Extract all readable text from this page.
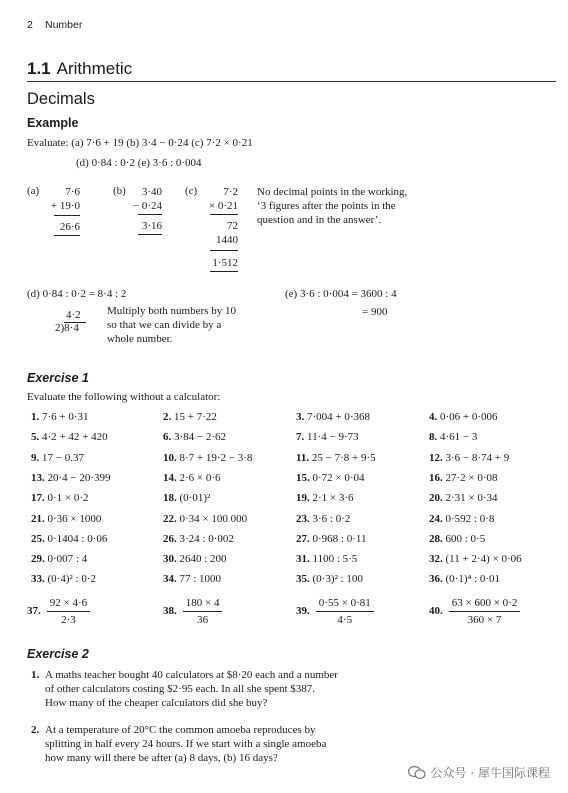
2 Number
1.1 Arithmetic
Decimals
Example
Evaluate: (a) 7·6 + 19 (b) 3·4 − 0·24 (c) 7·2 × 0·21
(d) 0·84 : 0·2 (e) 3·6 : 0·004
(a)	7·6
+ 19·0
26·6
(b)	3·40
− 0·24
3·16
(c)	7·2
× 0·21
72
1440
1·512
No decimal points in the working,
‘3 figures after the points in the
question and in the answer’.
(d) 0·84 : 0·2 = 8·4 : 2
4·2
2)8·4
Multiply both numbers by 10
so that we can divide by a
whole number.
(e) 3·6 : 0·004 = 3600 : 4
= 900
Exercise 1
Evaluate the following without a calculator:
1. 7·6 + 0·31	2. 15 + 7·22	3. 7·004 + 0·368	4. 0·06 + 0·006
5. 4·2 + 42 + 420	6. 3·84 − 2·62	7. 11·4 − 9·73	8. 4·61 − 3
9. 17 − 0.37	10. 8·7 + 19·2 − 3·8	11. 25 − 7·8 + 9·5	12. 3·6 − 8·74 + 9
13. 20·4 − 20·399	14. 2·6 × 0·6	15. 0·72 × 0·04	16. 27·2 × 0·08
17. 0·1 × 0·2	18. (0·01)²	19. 2·1 × 3·6	20. 2·31 × 0·34
21. 0·36 × 1000	22. 0·34 × 100 000	23. 3·6 : 0·2	24. 0·592 : 0·8
25. 0·1404 : 0·06	26. 3·24 : 0·002	27. 0·968 : 0·11	28. 600 : 0·5
29. 0·007 : 4	30. 2640 : 200	31. 1100 : 5·5	32. (11 + 2·4) × 0·06
33. (0·4)² : 0·2	34. 77 : 1000	35. (0·3)² : 100	36. (0·1)⁴ : 0·01
37. $\frac{92 \times 4\cdot 6}{2\cdot 3}$	38. $\frac{180 \times 4}{36}$	39. $\frac{0\cdot 55 \times 0\cdot 81}{4\cdot 5}$	40. $\frac{63 \times 600 \times 0\cdot 2}{360 \times 7}$
Exercise 2
1. A maths teacher bought 40 calculators at $8·20 each and a number
of other calculators costing $2·95 each. In all she spent $387.
How many of the cheaper calculators did she buy?
2. At a temperature of 20°C the common amoeba reproduces by
splitting in half every 24 hours. If we start with a single amoeba
how many will there be after (a) 8 days, (b) 16 days?
公众号 · 犀牛国际课程
